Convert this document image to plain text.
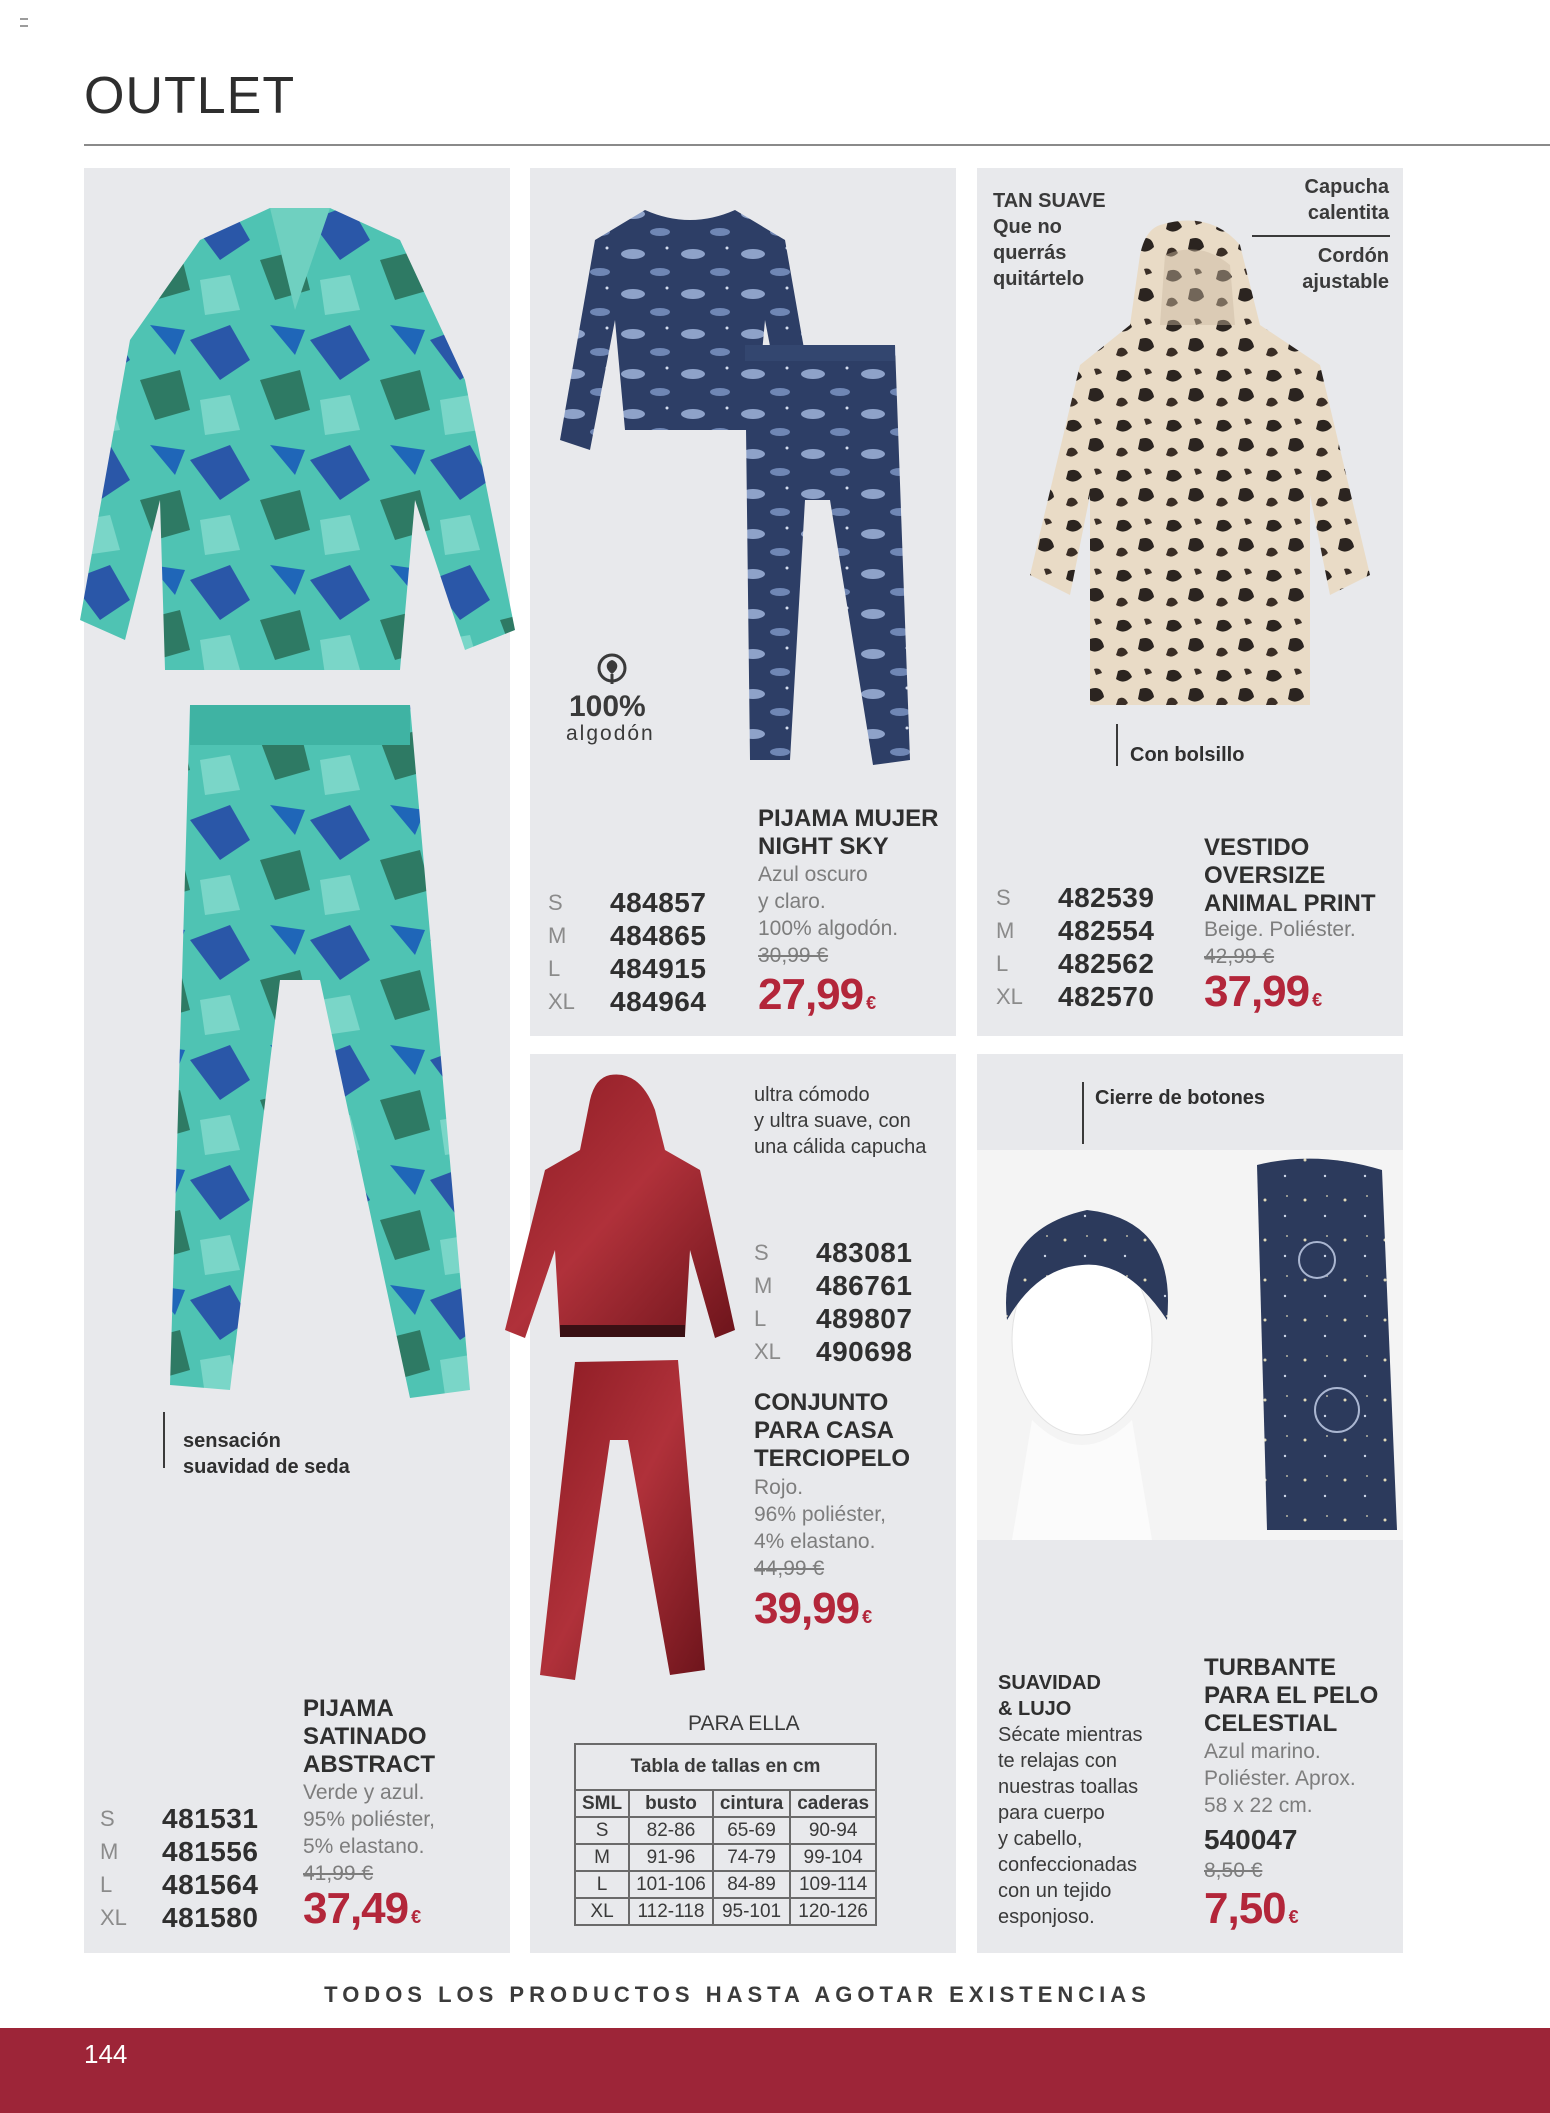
OUTLET
sensación
suavidad de seda
PIJAMA
SATINADO
ABSTRACT
Verde y azul.
95% poliéster,
5% elastano.
41,99 €
37,49 €
S	481531
M	481556
L	481564
XL	481580
100%
algodón
PIJAMA MUJER
NIGHT SKY
Azul oscuro
y claro.
100% algodón.
30,99 €
27,99 €
S	484857
M	484865
L	484915
XL	484964
TAN SUAVE
Que no
querrás
quitártelo
Capucha
calentita
Cordón
ajustable
Con bolsillo
VESTIDO
OVERSIZE
ANIMAL PRINT
Beige. Poliéster.
42,99 €
37,99 €
S	482539
M	482554
L	482562
XL	482570
ultra cómodo
y ultra suave, con
una cálida capucha
S	483081
M	486761
L	489807
XL	490698
CONJUNTO
PARA CASA
TERCIOPELO
Rojo.
96% poliéster,
4% elastano.
44,99 €
39,99 €
PARA ELLA
Tabla de tallas en cm			
SML	busto	cintura	caderas
S	82-86	65-69	90-94
M	91-96	74-79	99-104
L	101-106	84-89	109-114
XL	112-118	95-101	120-126
Cierre de botones
SUAVIDAD
& LUJO
Sécate mientras
te relajas con
nuestras toallas
para cuerpo
y cabello,
confeccionadas
con un tejido
esponjoso.
TURBANTE
PARA EL PELO
CELESTIAL
Azul marino.
Poliéster. Aprox.
58 x 22 cm.
540047
8,50 €
7,50 €
TODOS LOS PRODUCTOS HASTA AGOTAR EXISTENCIAS
144
